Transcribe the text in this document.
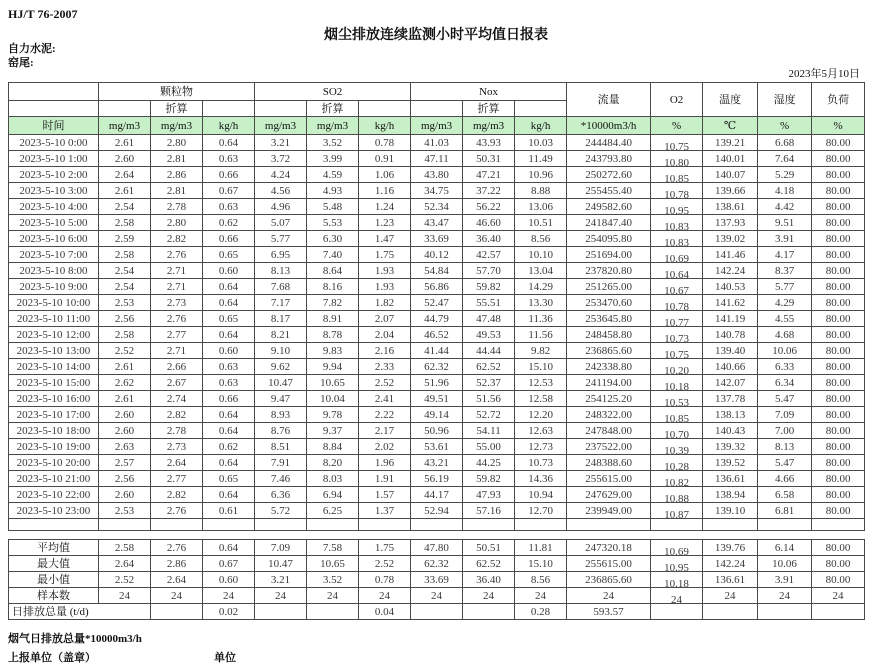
HJ/T 76-2007
烟尘排放连续监测小时平均值日报表
自力水泥:
窑尾:
2023年5月10日
	颗粒物			SO2			Nox			流量	O2	温度	湿度	负荷
		折算			折算			折算						
时间	mg/m3	mg/m3	kg/h	mg/m3	mg/m3	kg/h	mg/m3	mg/m3	kg/h	*10000m3/h	%	℃	%	%
2023-5-10 0:00	2.61	2.80	0.64	3.21	3.52	0.78	41.03	43.93	10.03	244484.40	10.75	139.21	6.68	80.00
2023-5-10 1:00	2.60	2.81	0.63	3.72	3.99	0.91	47.11	50.31	11.49	243793.80	10.80	140.01	7.64	80.00
2023-5-10 2:00	2.64	2.86	0.66	4.24	4.59	1.06	43.80	47.21	10.96	250272.60	10.85	140.07	5.29	80.00
2023-5-10 3:00	2.61	2.81	0.67	4.56	4.93	1.16	34.75	37.22	8.88	255455.40	10.78	139.66	4.18	80.00
2023-5-10 4:00	2.54	2.78	0.63	4.96	5.48	1.24	52.34	56.22	13.06	249582.60	10.95	138.61	4.42	80.00
2023-5-10 5:00	2.58	2.80	0.62	5.07	5.53	1.23	43.47	46.60	10.51	241847.40	10.83	137.93	9.51	80.00
2023-5-10 6:00	2.59	2.82	0.66	5.77	6.30	1.47	33.69	36.40	8.56	254095.80	10.83	139.02	3.91	80.00
2023-5-10 7:00	2.58	2.76	0.65	6.95	7.40	1.75	40.12	42.57	10.10	251694.00	10.69	141.46	4.17	80.00
2023-5-10 8:00	2.54	2.71	0.60	8.13	8.64	1.93	54.84	57.70	13.04	237820.80	10.64	142.24	8.37	80.00
2023-5-10 9:00	2.54	2.71	0.64	7.68	8.16	1.93	56.86	59.82	14.29	251265.00	10.67	140.53	5.77	80.00
2023-5-10 10:00	2.53	2.73	0.64	7.17	7.82	1.82	52.47	55.51	13.30	253470.60	10.78	141.62	4.29	80.00
2023-5-10 11:00	2.56	2.76	0.65	8.17	8.91	2.07	44.79	47.48	11.36	253645.80	10.77	141.19	4.55	80.00
2023-5-10 12:00	2.58	2.77	0.64	8.21	8.78	2.04	46.52	49.53	11.56	248458.80	10.73	140.78	4.68	80.00
2023-5-10 13:00	2.52	2.71	0.60	9.10	9.83	2.16	41.44	44.44	9.82	236865.60	10.75	139.40	10.06	80.00
2023-5-10 14:00	2.61	2.66	0.63	9.62	9.94	2.33	62.32	62.52	15.10	242338.80	10.20	140.66	6.33	80.00
2023-5-10 15:00	2.62	2.67	0.63	10.47	10.65	2.52	51.96	52.37	12.53	241194.00	10.18	142.07	6.34	80.00
2023-5-10 16:00	2.61	2.74	0.66	9.47	10.04	2.41	49.51	51.56	12.58	254125.20	10.53	137.78	5.47	80.00
2023-5-10 17:00	2.60	2.82	0.64	8.93	9.78	2.22	49.14	52.72	12.20	248322.00	10.85	138.13	7.09	80.00
2023-5-10 18:00	2.60	2.78	0.64	8.76	9.37	2.17	50.96	54.11	12.63	247848.00	10.70	140.43	7.00	80.00
2023-5-10 19:00	2.63	2.73	0.62	8.51	8.84	2.02	53.61	55.00	12.73	237522.00	10.39	139.32	8.13	80.00
2023-5-10 20:00	2.57	2.64	0.64	7.91	8.20	1.96	43.21	44.25	10.73	248388.60	10.28	139.52	5.47	80.00
2023-5-10 21:00	2.56	2.77	0.65	7.46	8.03	1.91	56.19	59.82	14.36	255615.00	10.82	136.61	4.66	80.00
2023-5-10 22:00	2.60	2.82	0.64	6.36	6.94	1.57	44.17	47.93	10.94	247629.00	10.88	138.94	6.58	80.00
2023-5-10 23:00	2.53	2.76	0.61	5.72	6.25	1.37	52.94	57.16	12.70	239949.00	10.87	139.10	6.81	80.00

平均值	2.58	2.76	0.64	7.09	7.58	1.75	47.80	50.51	11.81	247320.18	10.69	139.76	6.14	80.00
最大值	2.64	2.86	0.67	10.47	10.65	2.52	62.32	62.52	15.10	255615.00	10.95	142.24	10.06	80.00
最小值	2.52	2.64	0.60	3.21	3.52	0.78	33.69	36.40	8.56	236865.60	10.18	136.61	3.91	80.00
样本数	24	24	24	24	24	24	24	24	24	24	24	24	24	24
日排放总量 (t/d)			0.02			0.04			0.28	593.57				
烟气日排放总量*10000m3/h
上报单位（盖章）	单位
